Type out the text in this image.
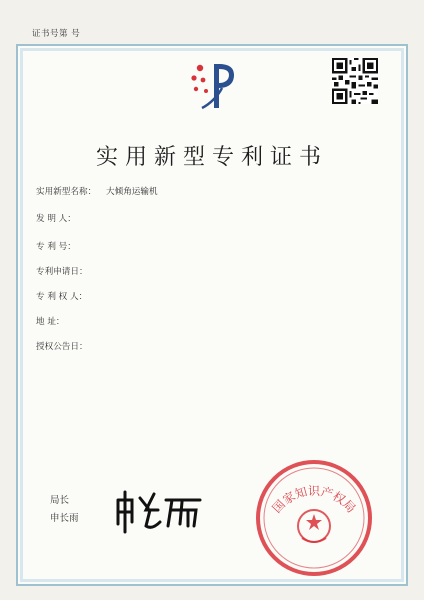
证书号第 号
实用新型专利证书
实用新型名称： 大倾角运输机
发 明 人：
专 利 号：
专利申请日：
专 利 权 人：
地 址：
授权公告日：
国家知识产权局
局长
申长雨
